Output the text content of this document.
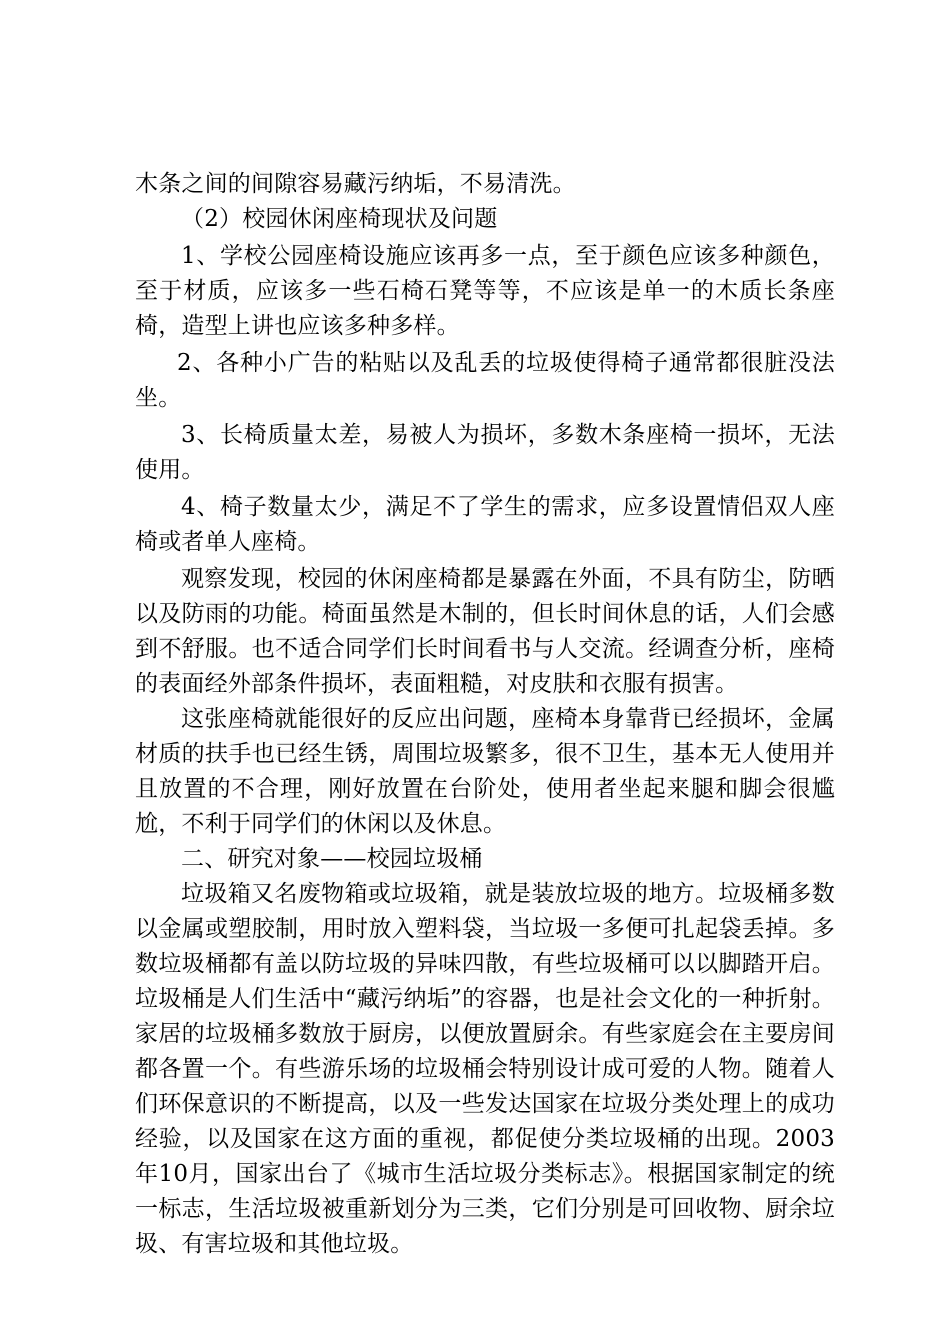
木条之间的间隙容易藏污纳垢，不易清洗。

（2）校园休闲座椅现状及问题

1、学校公园座椅设施应该再多一点，至于颜色应该多种颜色，至于材质，应该多一些石椅石凳等等，不应该是单一的木质长条座椅，造型上讲也应该多种多样。

2、各种小广告的粘贴以及乱丢的垃圾使得椅子通常都很脏没法坐。

3、长椅质量太差，易被人为损坏，多数木条座椅一损坏，无法使用。

4、椅子数量太少，满足不了学生的需求，应多设置情侣双人座椅或者单人座椅。

观察发现，校园的休闲座椅都是暴露在外面，不具有防尘，防晒以及防雨的功能。椅面虽然是木制的，但长时间休息的话，人们会感到不舒服。也不适合同学们长时间看书与人交流。经调查分析，座椅的表面经外部条件损坏，表面粗糙，对皮肤和衣服有损害。

这张座椅就能很好的反应出问题，座椅本身靠背已经损坏，金属材质的扶手也已经生锈，周围垃圾繁多，很不卫生，基本无人使用并且放置的不合理，刚好放置在台阶处，使用者坐起来腿和脚会很尴尬，不利于同学们的休闲以及休息。

二、研究对象——校园垃圾桶

垃圾箱又名废物箱或垃圾箱，就是装放垃圾的地方。垃圾桶多数以金属或塑胶制，用时放入塑料袋，当垃圾一多便可扎起袋丢掉。多数垃圾桶都有盖以防垃圾的异味四散，有些垃圾桶可以以脚踏开启。垃圾桶是人们生活中“藏污纳垢”的容器，也是社会文化的一种折射。家居的垃圾桶多数放于厨房，以便放置厨余。有些家庭会在主要房间都各置一个。有些游乐场的垃圾桶会特别设计成可爱的人物。随着人们环保意识的不断提高，以及一些发达国家在垃圾分类处理上的成功经验，以及国家在这方面的重视，都促使分类垃圾桶的出现。2003年10月，国家出台了《城市生活垃圾分类标志》。根据国家制定的统一标志，生活垃圾被重新划分为三类，它们分别是可回收物、厨余垃圾、有害垃圾和其他垃圾。
